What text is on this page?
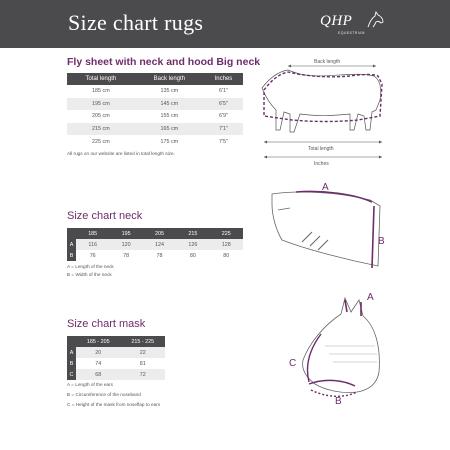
Size chart rugs	QHP
EQUESTRIAN
Fly sheet with neck and hood Big neck
Total length	Back length	Inches
185 cm	135 cm	6'1"
195 cm	145 cm	6'5"
205 cm	155 cm	6'9"
215 cm	165 cm	7'1"
225 cm	175 cm	7'5"
All rugs on our website are listed in total length size.
Back length
Total length
Inches
Size chart neck
	185	195	205	215	225
A	116	120	124	126	128
B	76	78	78	80	80
A = Length of the neck
B = Width of the neck
A
B
Size chart mask
	185 - 205	215 - 225
A	20	22
B	74	81
C	68	72
A = Length of the ears
B = Circumference of the noseband
C = Height of the mask from noseflap to ears
A
C
B
